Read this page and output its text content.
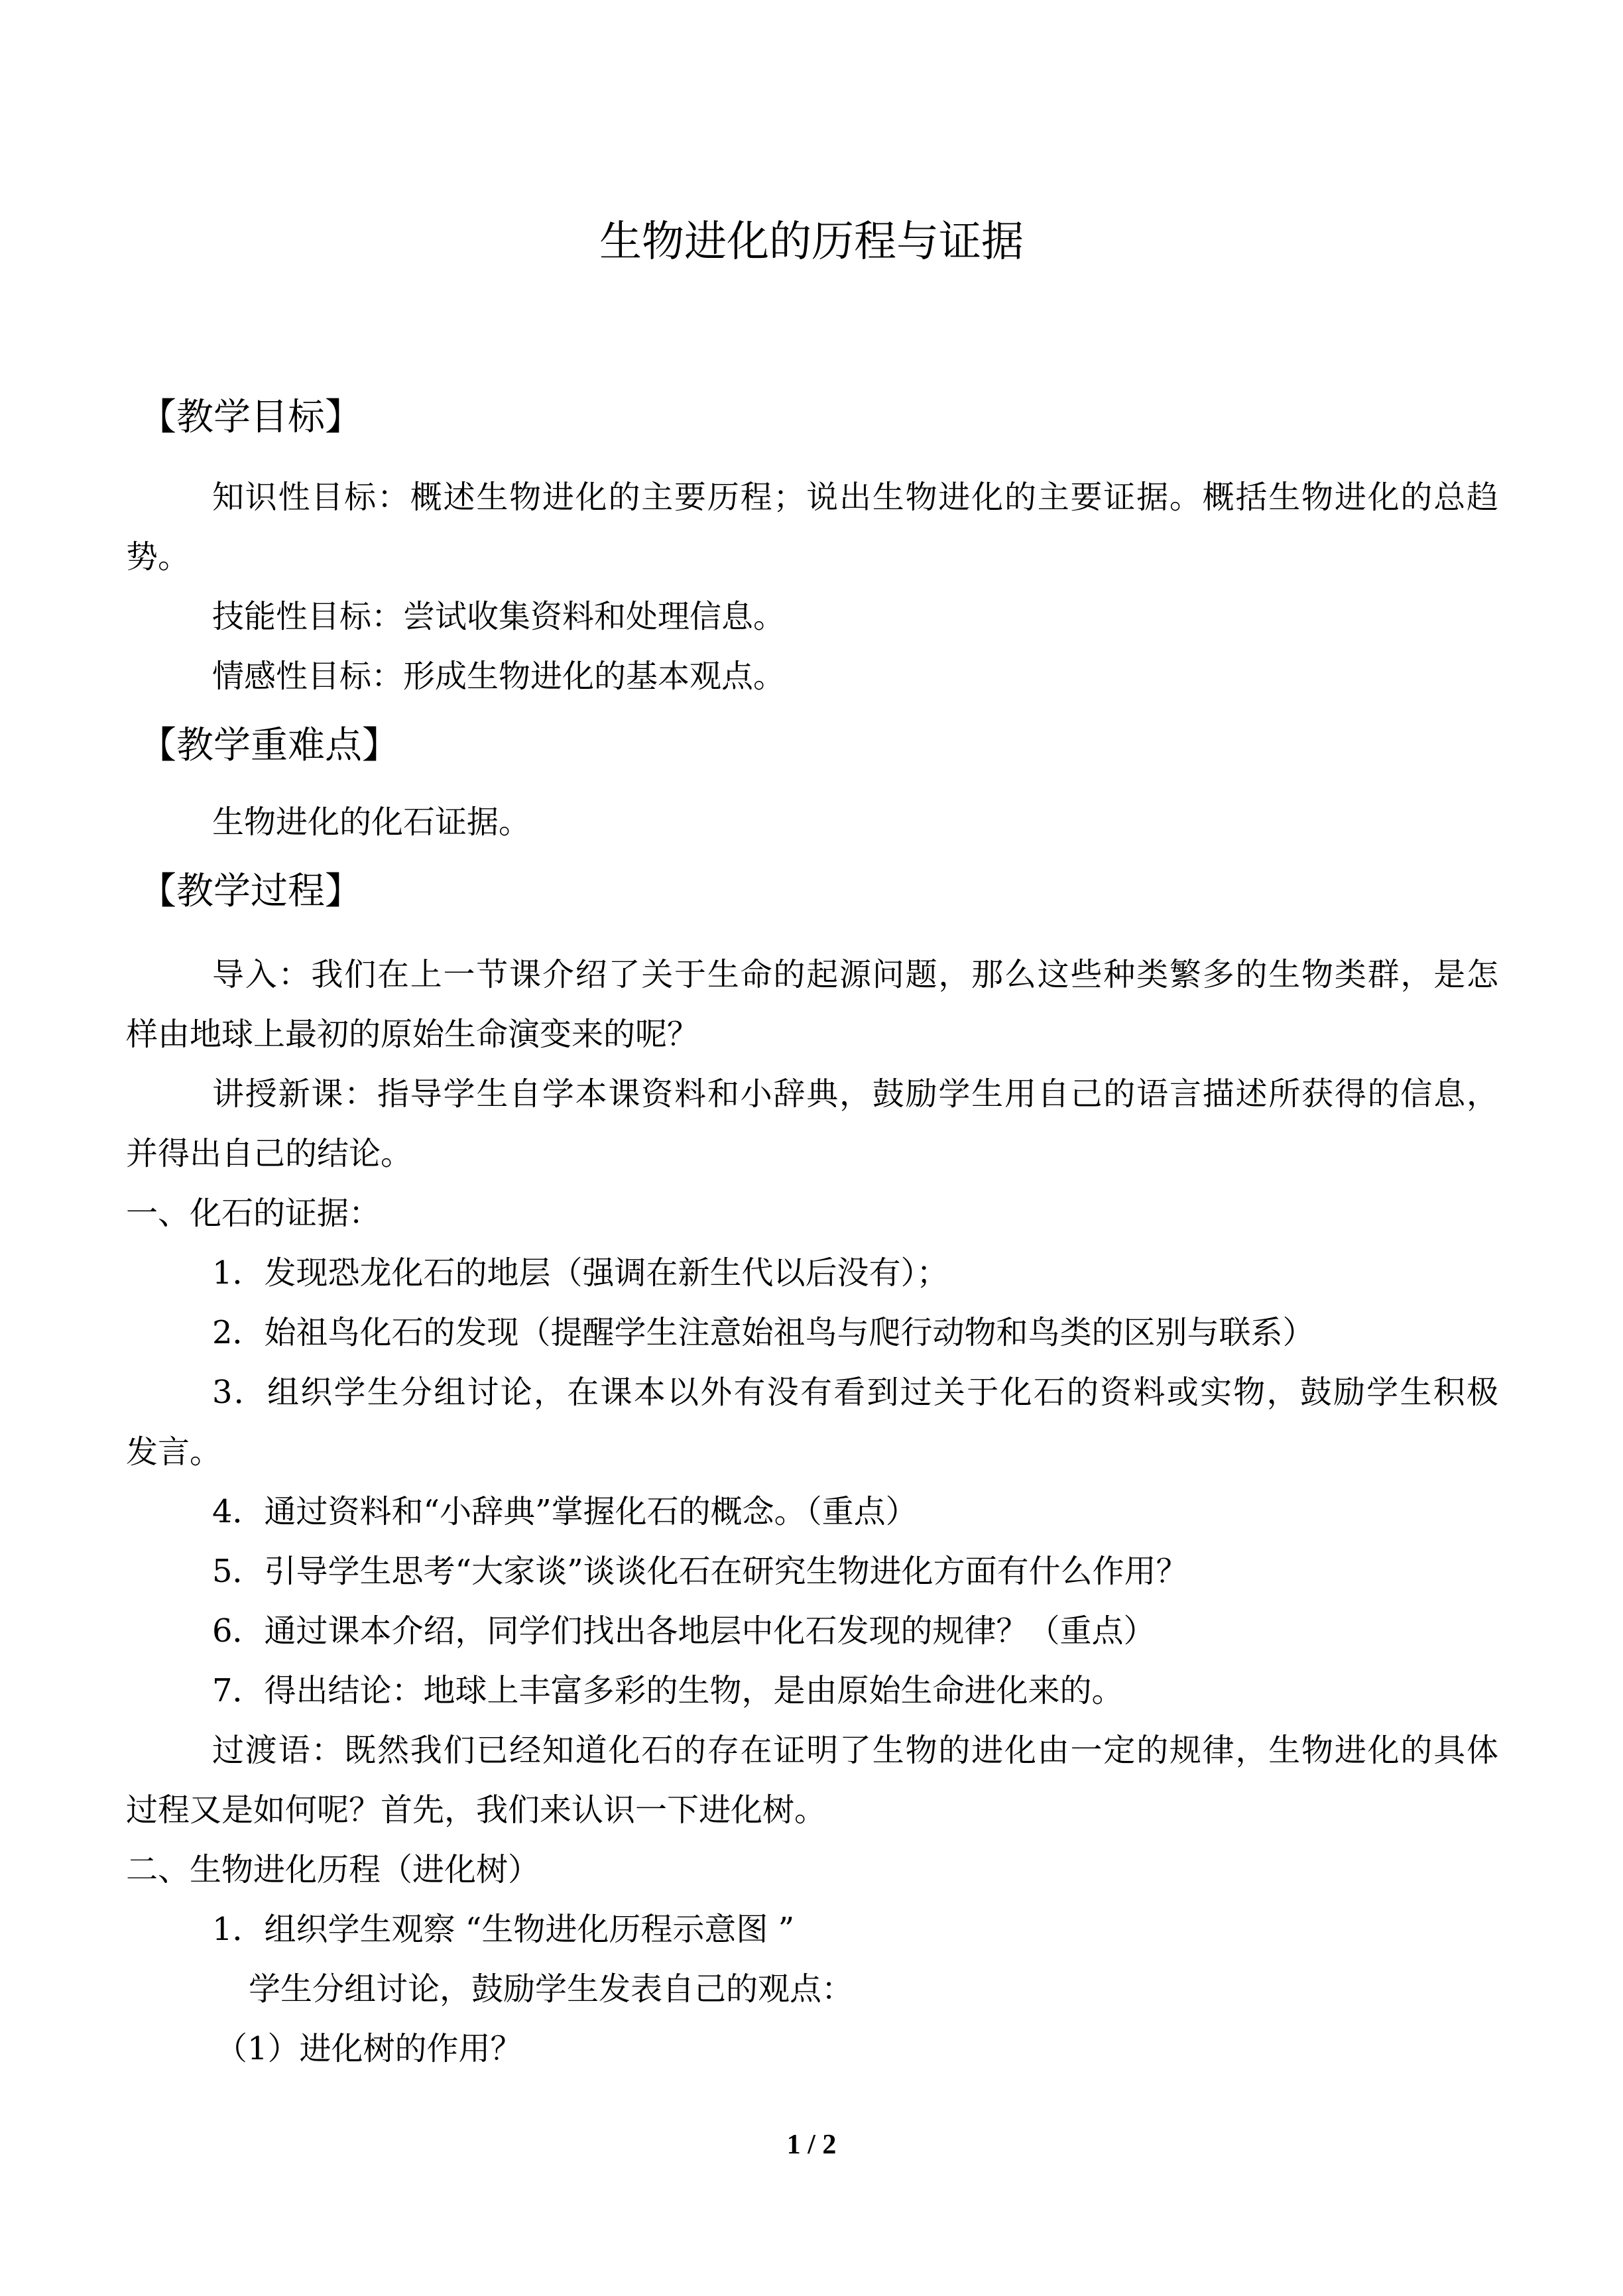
生物进化的历程与证据
【教学目标】
知识性目标：概述生物进化的主要历程；说出生物进化的主要证据。概括生物进化的总趋
势。
技能性目标：尝试收集资料和处理信息。
情感性目标：形成生物进化的基本观点。
【教学重难点】
生物进化的化石证据。
【教学过程】
导入：我们在上一节课介绍了关于生命的起源问题，那么这些种类繁多的生物类群，是怎
样由地球上最初的原始生命演变来的呢？
讲授新课：指导学生自学本课资料和小辞典，鼓励学生用自己的语言描述所获得的信息，
并得出自己的结论。
一、化石的证据：
1．发现恐龙化石的地层（强调在新生代以后没有）；
2．始祖鸟化石的发现（提醒学生注意始祖鸟与爬行动物和鸟类的区别与联系）
3．组织学生分组讨论，在课本以外有没有看到过关于化石的资料或实物，鼓励学生积极
发言。
4．通过资料和“小辞典”掌握化石的概念。（重点）
5．引导学生思考“大家谈”谈谈化石在研究生物进化方面有什么作用？
6．通过课本介绍，同学们找出各地层中化石发现的规律？（重点）
7．得出结论：地球上丰富多彩的生物，是由原始生命进化来的。
过渡语：既然我们已经知道化石的存在证明了生物的进化由一定的规律，生物进化的具体
过程又是如何呢？首先，我们来认识一下进化树。
二、生物进化历程（进化树）
1．组织学生观察 “生物进化历程示意图 ”
学生分组讨论，鼓励学生发表自己的观点：
（1）进化树的作用？
1 / 2
